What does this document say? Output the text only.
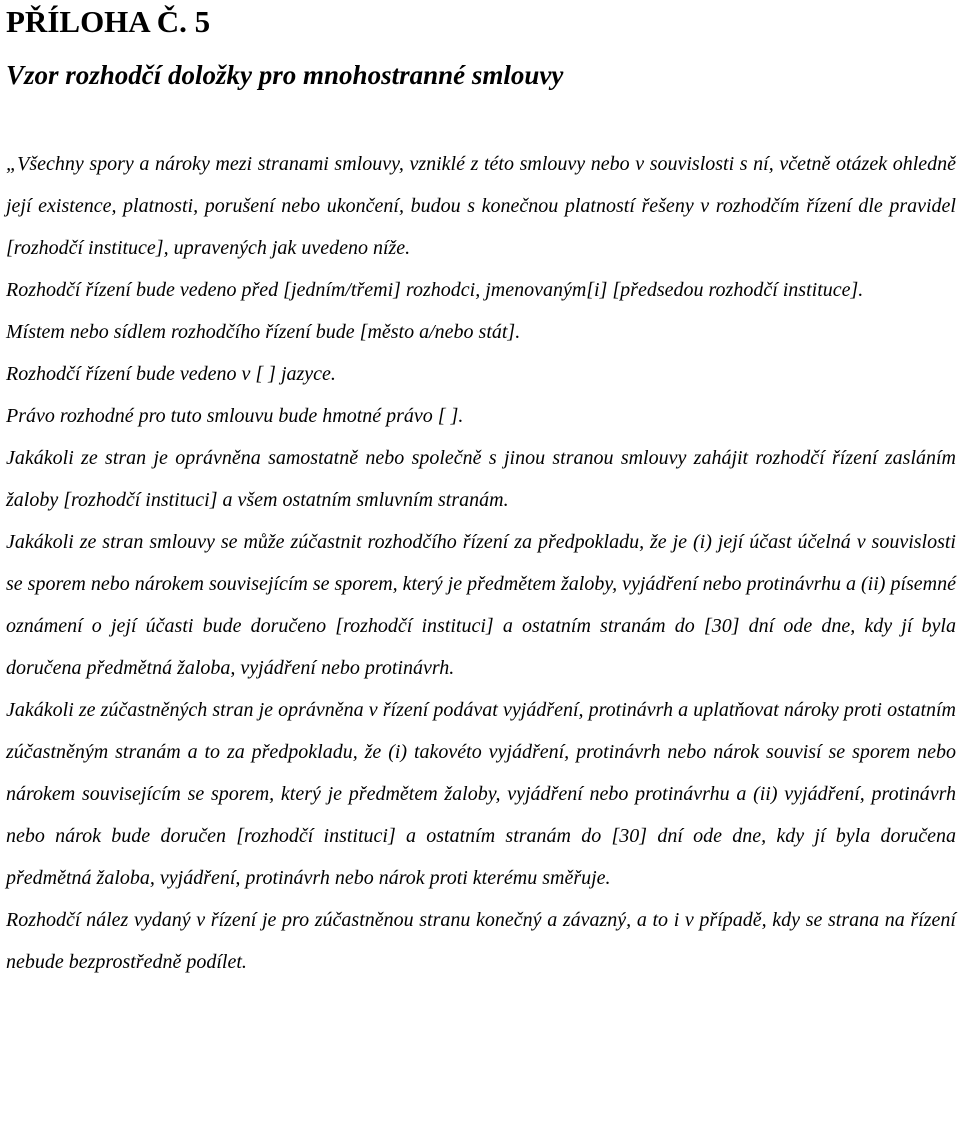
PŘÍLOHA Č. 5
Vzor rozhodčí doložky pro mnohostranné smlouvy

„Všechny spory a nároky mezi stranami smlouvy, vzniklé z této smlouvy nebo v souvislosti s ní, včetně otázek ohledně její existence, platnosti, porušení nebo ukončení, budou s konečnou platností řešeny v rozhodčím řízení dle pravidel [rozhodčí instituce], upravených jak uvedeno níže.

Rozhodčí řízení bude vedeno před [jedním/třemi] rozhodci, jmenovaným[i] [předsedou rozhodčí instituce].

Místem nebo sídlem rozhodčího řízení bude [město a/nebo stát].

Rozhodčí řízení bude vedeno v [ ] jazyce.

Právo rozhodné pro tuto smlouvu bude hmotné právo [ ].

Jakákoli ze stran je oprávněna samostatně nebo společně s jinou stranou smlouvy zahájit rozhodčí řízení zasláním žaloby [rozhodčí instituci] a všem ostatním smluvním stranám.

Jakákoli ze stran smlouvy se může zúčastnit rozhodčího řízení za předpokladu, že je (i) její účast účelná v souvislosti se sporem nebo nárokem souvisejícím se sporem, který je předmětem žaloby, vyjádření nebo protinávrhu a (ii) písemné oznámení o její účasti bude doručeno [rozhodčí instituci] a ostatním stranám do [30] dní ode dne, kdy jí byla doručena předmětná žaloba, vyjádření nebo protinávrh.

Jakákoli ze zúčastněných stran je oprávněna v řízení podávat vyjádření, protinávrh a uplatňovat nároky proti ostatním zúčastněným stranám a to za předpokladu, že (i) takovéto vyjádření, protinávrh nebo nárok souvisí se sporem nebo nárokem souvisejícím se sporem, který je předmětem žaloby, vyjádření nebo protinávrhu a (ii) vyjádření, protinávrh nebo nárok bude doručen [rozhodčí instituci] a ostatním stranám do [30] dní ode dne, kdy jí byla doručena předmětná žaloba, vyjádření, protinávrh nebo nárok proti kterému směřuje.

Rozhodčí nález vydaný v řízení je pro zúčastněnou stranu konečný a závazný, a to i v případě, kdy se strana na řízení nebude bezprostředně podílet.
